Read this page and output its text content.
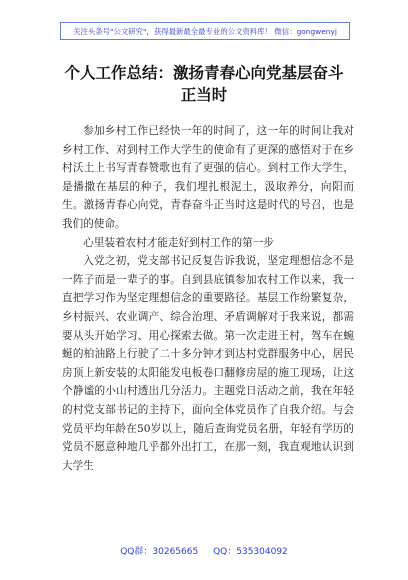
关注头条号"公文研究"，获得最新最全最专业的公文资料库！ 微信：gongwenyj
个人工作总结：激扬青春心向党基层奋斗正当时

参加乡村工作已经快一年的时间了，这一年的时间让我对乡村工作、对到村工作大学生的使命有了更深的感悟对于在乡村沃土上书写青春赞歌也有了更强的信心。到村工作大学生，是播撒在基层的种子，我们埋扎根泥土，汲取养分，向阳而生。激扬青春心向党，青春奋斗正当时这是时代的号召，也是我们的使命。

心里装着农村才能走好到村工作的第一步

入党之初，党支部书记反复告诉我说，坚定理想信念不是一阵子而是一辈子的事。自到县底镇参加农村工作以来，我一直把学习作为坚定理想信念的重要路径。基层工作纷繁复杂，乡村振兴、农业调产、综合治理、矛盾调解对于我来说，都需要从头开始学习、用心探索去做。第一次走进王村，驾车在蜿蜒的柏油路上行驶了二十多分钟才到达村党群服务中心，居民房顶上新安装的太阳能发电板卷口翻修房屋的施工现场，让这个静谧的小山村透出几分活力。主题党日活动之前，我在年轻的村党支部书记的主持下，面向全体党员作了自我介绍。与会党员平均年龄在50岁以上，随后查询党员名册，年轻有学历的党员不愿意种地几乎都外出打工，在那一刻，我直观地认识到大学生

QQ群：30265665 QQ：535304092
